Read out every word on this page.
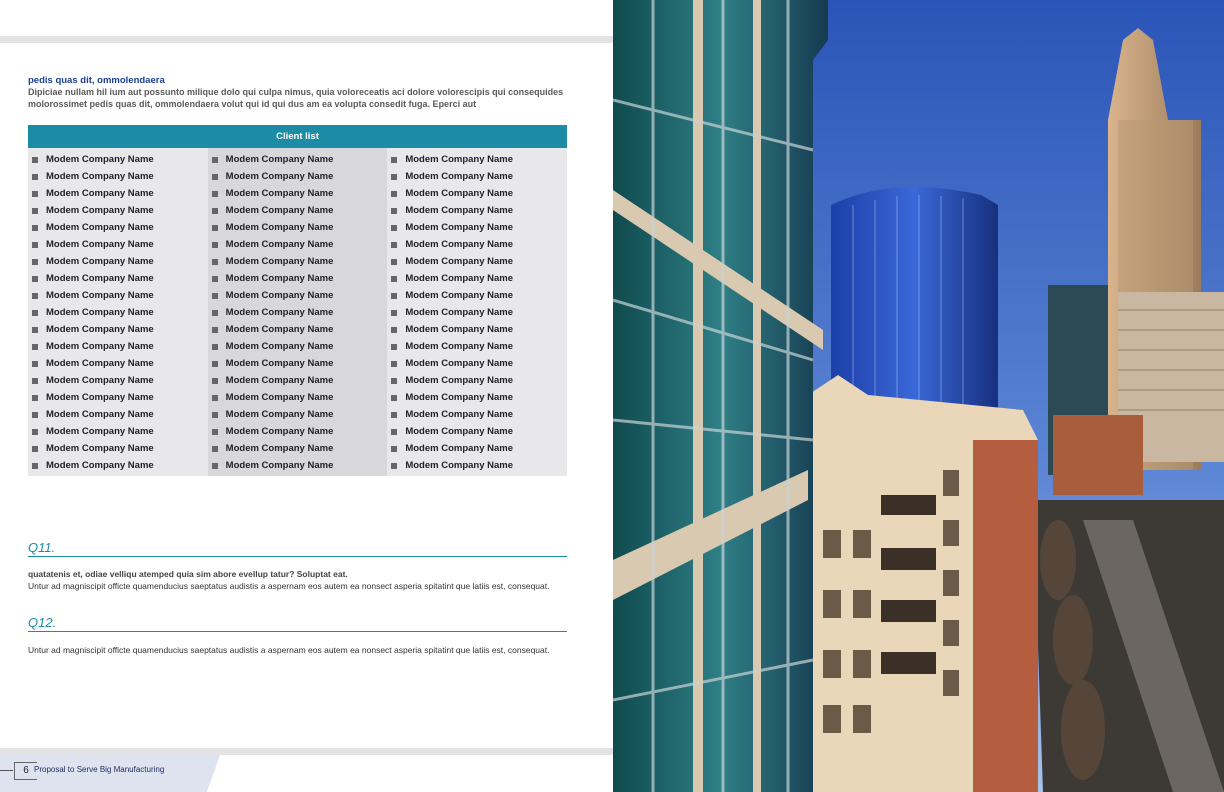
pedis quas dit, ommolendaera
Dipiciae nullam hil ium aut possunto milique dolo qui culpa nimus, quia voloreceatis aci dolore volorescipis qui consequides molorossimet pedis quas dit, ommolendaera volut qui id qui dus am ea volupta consedit fuga. Eperci aut
Client list
Modem Company Name
Modem Company Name
Modem Company Name
Modem Company Name
Modem Company Name
Modem Company Name
Modem Company Name
Modem Company Name
Modem Company Name
Modem Company Name
Modem Company Name
Modem Company Name
Modem Company Name
Modem Company Name
Modem Company Name
Modem Company Name
Modem Company Name
Modem Company Name
Modem Company Name
Modem Company Name
Modem Company Name
Modem Company Name
Modem Company Name
Modem Company Name
Modem Company Name
Modem Company Name
Modem Company Name
Modem Company Name
Modem Company Name
Modem Company Name
Modem Company Name
Modem Company Name
Modem Company Name
Modem Company Name
Modem Company Name
Modem Company Name
Modem Company Name
Modem Company Name
Modem Company Name
Modem Company Name
Modem Company Name
Modem Company Name
Modem Company Name
Modem Company Name
Modem Company Name
Modem Company Name
Modem Company Name
Modem Company Name
Modem Company Name
Modem Company Name
Modem Company Name
Modem Company Name
Modem Company Name
Modem Company Name
Modem Company Name
Modem Company Name
Modem Company Name
Q11.
quatatenis et, odiae velliqu atemped quia sim abore evellup tatur? Soluptat eat.
Untur ad magniscipit officte quamenducius saeptatus audistis a aspernam eos autem ea nonsect asperia spitatint que latiis est, consequat.
Q12.
Untur ad magniscipit officte quamenducius saeptatus audistis a aspernam eos autem ea nonsect asperia spitatint que latiis est, consequat.
6 Proposal to Serve Big Manufacturing
